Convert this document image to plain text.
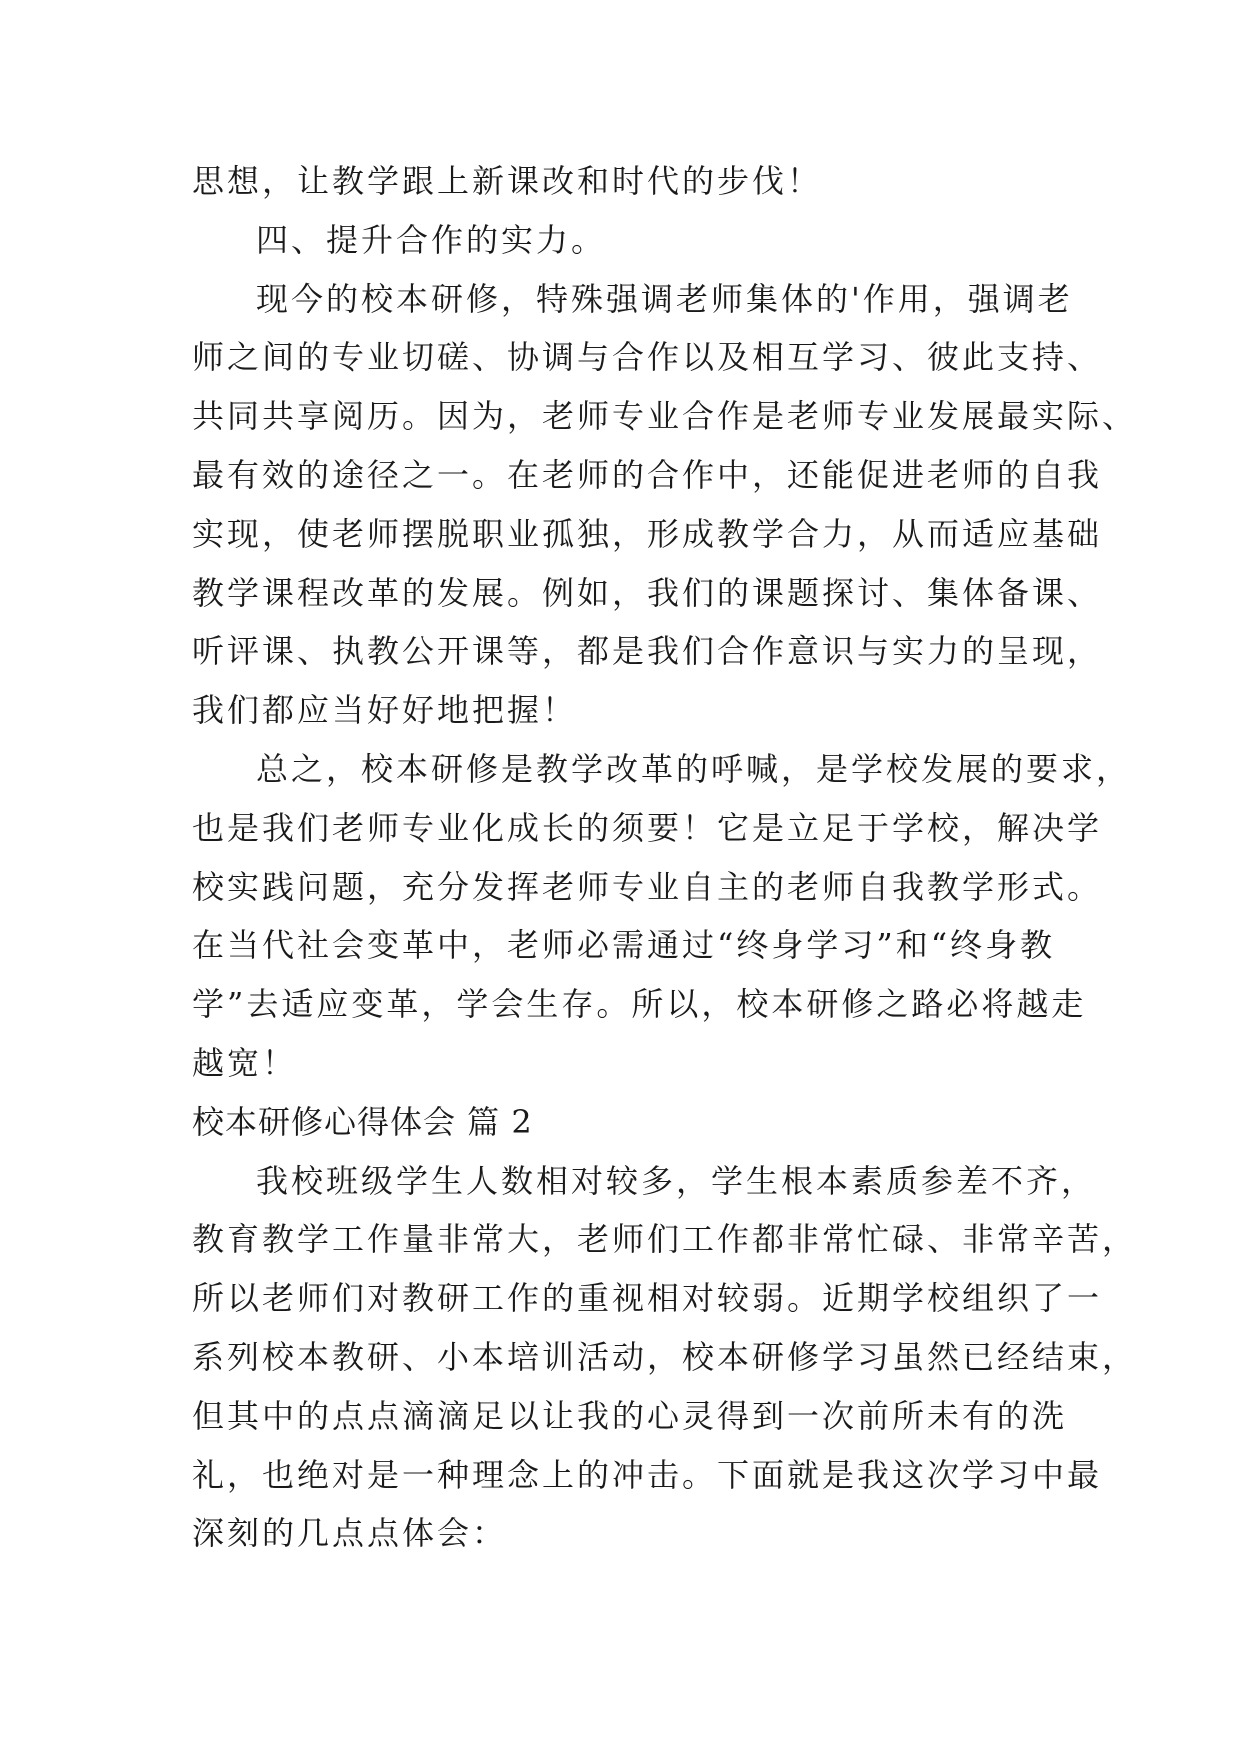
思想，让教学跟上新课改和时代的步伐！
四、提升合作的实力。
现今的校本研修，特殊强调老师集体的'作用，强调老
师之间的专业切磋、协调与合作以及相互学习、彼此支持、
共同共享阅历。因为，老师专业合作是老师专业发展最实际、
最有效的途径之一。在老师的合作中，还能促进老师的自我
实现，使老师摆脱职业孤独，形成教学合力，从而适应基础
教学课程改革的发展。例如，我们的课题探讨、集体备课、
听评课、执教公开课等，都是我们合作意识与实力的呈现，
我们都应当好好地把握！
总之，校本研修是教学改革的呼喊，是学校发展的要求，
也是我们老师专业化成长的须要！它是立足于学校，解决学
校实践问题，充分发挥老师专业自主的老师自我教学形式。
在当代社会变革中，老师必需通过“终身学习”和“终身教
学”去适应变革，学会生存。所以，校本研修之路必将越走
越宽！
校本研修心得体会 篇 2
我校班级学生人数相对较多，学生根本素质参差不齐，
教育教学工作量非常大，老师们工作都非常忙碌、非常辛苦，
所以老师们对教研工作的重视相对较弱。近期学校组织了一
系列校本教研、小本培训活动，校本研修学习虽然已经结束，
但其中的点点滴滴足以让我的心灵得到一次前所未有的洗
礼，也绝对是一种理念上的冲击。下面就是我这次学习中最
深刻的几点点体会：
